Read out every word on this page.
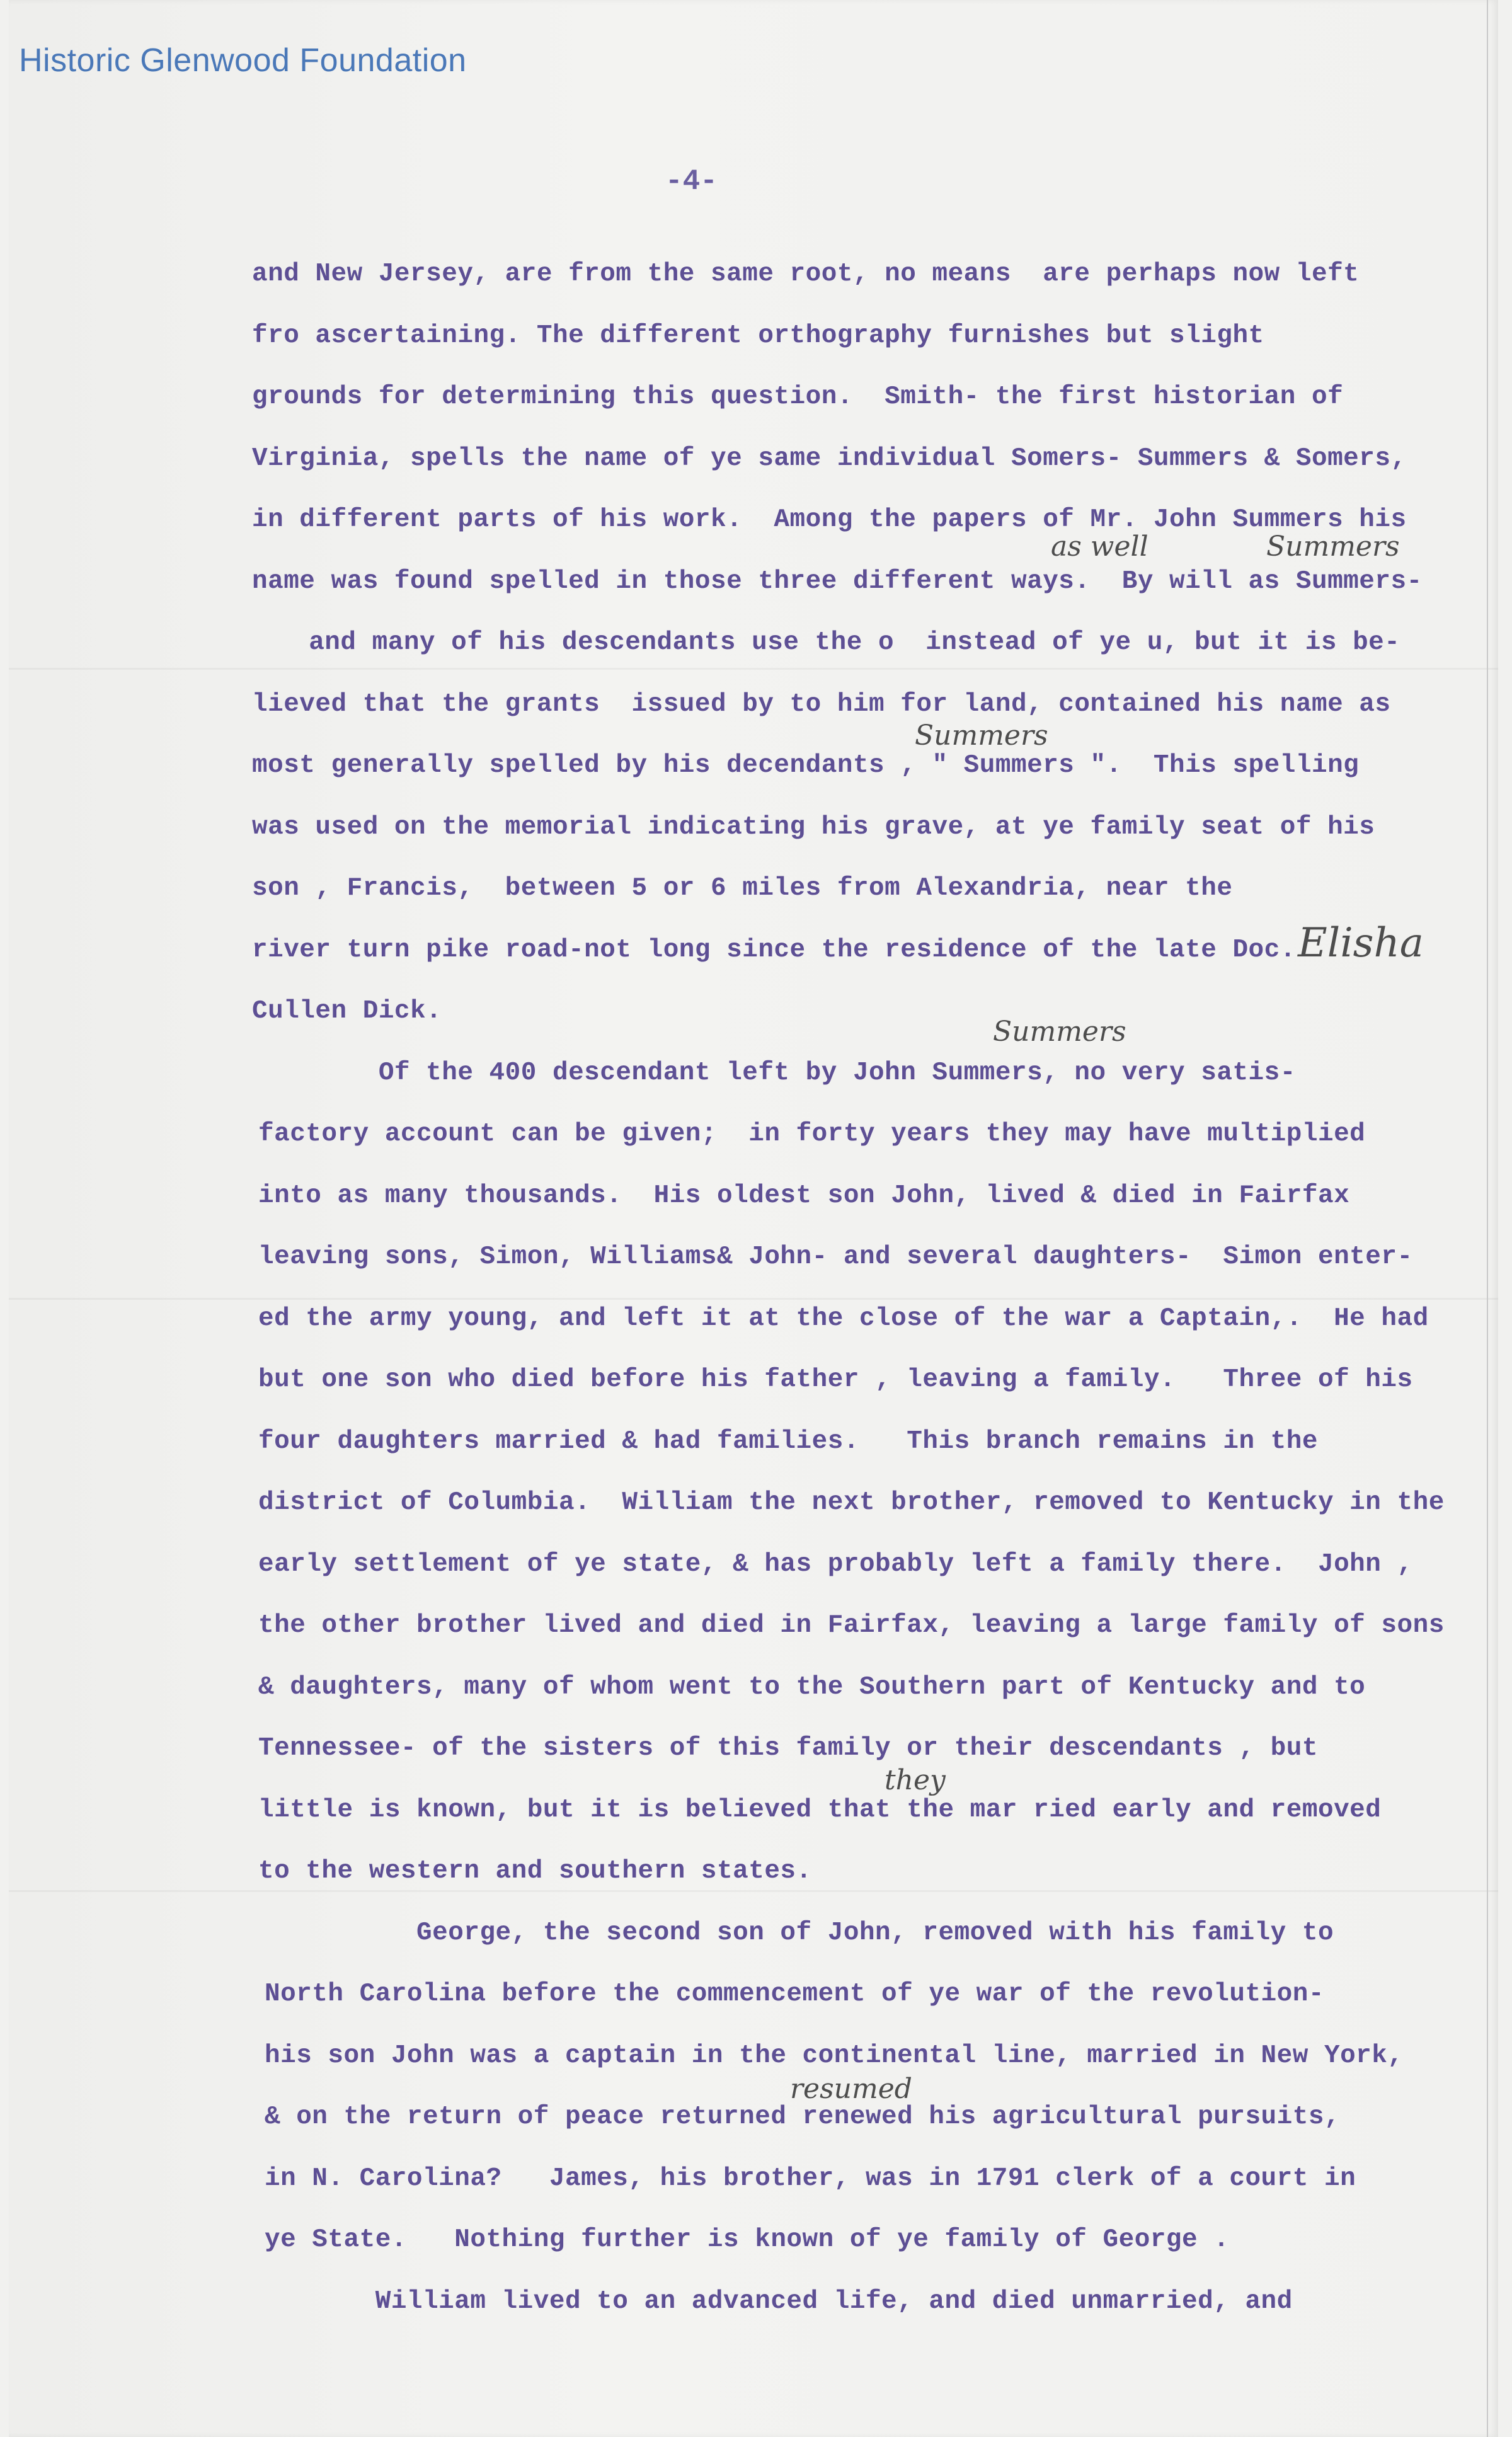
Historic Glenwood Foundation
-4-
and New Jersey, are from the same root, no means  are perhaps now left
fro ascertaining. The different orthography furnishes but slight
grounds for determining this question.  Smith- the first historian of
Virginia, spells the name of ye same individual Somers- Summers & Somers,
in different parts of his work.  Among the papers of Mr. John Summers his
name was found spelled in those three different ways.  By will as Summers-
and many of his descendants use the o  instead of ye u, but it is be-
lieved that the grants  issued by to him for land, contained his name as
most generally spelled by his decendants , " Summers ".  This spelling
was used on the memorial indicating his grave, at ye family seat of his
son , Francis,  between 5 or 6 miles from Alexandria, near the
river turn pike road-not long since the residence of the late Doc.
Cullen Dick.
Of the 400 descendant left by John Summers, no very satis-
factory account can be given;  in forty years they may have multiplied
into as many thousands.  His oldest son John, lived & died in Fairfax
leaving sons, Simon, Williams& John- and several daughters-  Simon enter-
ed the army young, and left it at the close of the war a Captain,.  He had
but one son who died before his father , leaving a family.   Three of his
four daughters married & had families.   This branch remains in the
district of Columbia.  William the next brother, removed to Kentucky in the
early settlement of ye state, & has probably left a family there.  John ,
the other brother lived and died in Fairfax, leaving a large family of sons
& daughters, many of whom went to the Southern part of Kentucky and to
Tennessee- of the sisters of this family or their descendants , but
little is known, but it is believed that the mar ried early and removed
to the western and southern states.
George, the second son of John, removed with his family to
North Carolina before the commencement of ye war of the revolution-
his son John was a captain in the continental line, married in New York,
& on the return of peace returned renewed his agricultural pursuits,
in N. Carolina?   James, his brother, was in 1791 clerk of a court in
ye State.   Nothing further is known of ye family of George .
William lived to an advanced life, and died unmarried, and
as well	Summers
Summers
Elisha
Summers
they
resumed
